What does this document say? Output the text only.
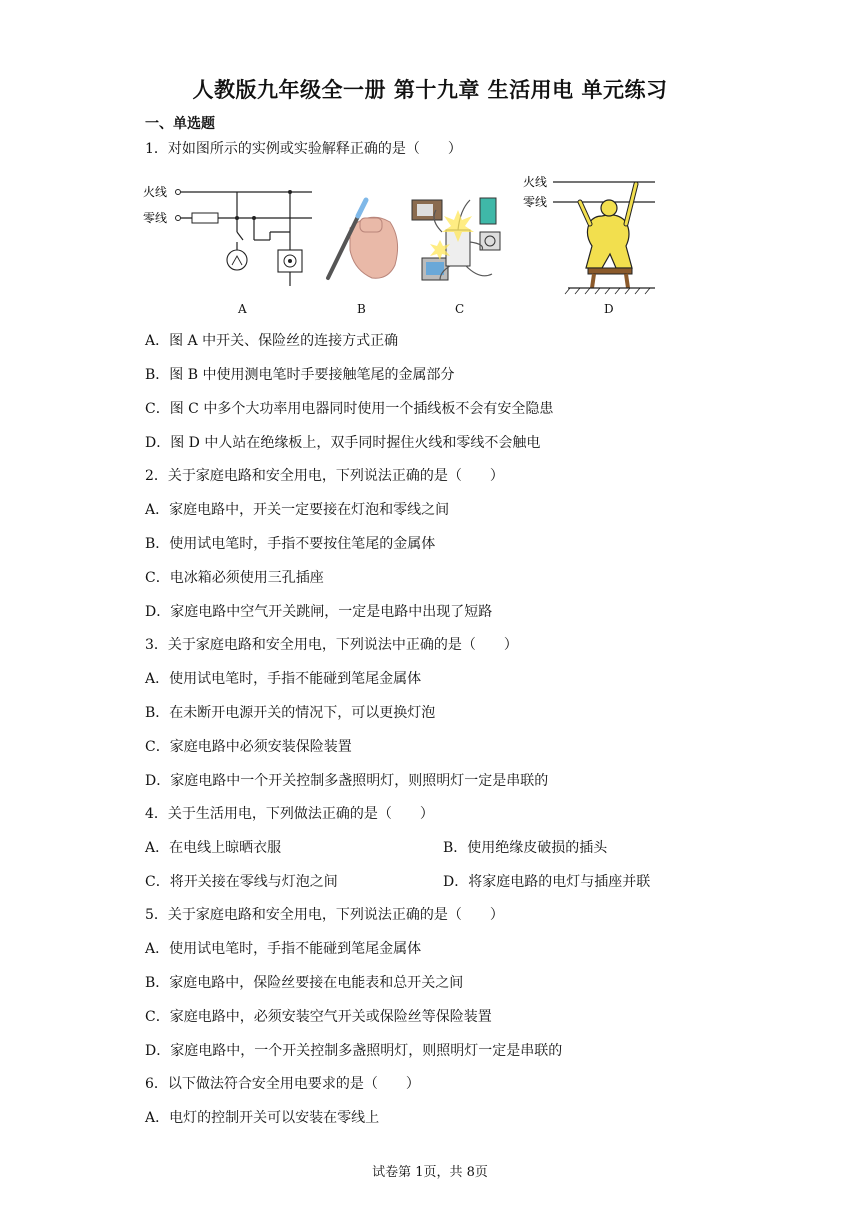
人教版九年级全一册 第十九章 生活用电 单元练习
一、单选题
1．对如图所示的实例或实验解释正确的是（　　）
火线
零线
火线
零线
A	B	C	D
A．图 A 中开关、保险丝的连接方式正确
B．图 B 中使用测电笔时手要接触笔尾的金属部分
C．图 C 中多个大功率用电器同时使用一个插线板不会有安全隐患
D．图 D 中人站在绝缘板上，双手同时握住火线和零线不会触电
2．关于家庭电路和安全用电，下列说法正确的是（　　）
A．家庭电路中，开关一定要接在灯泡和零线之间
B．使用试电笔时，手指不要按住笔尾的金属体
C．电冰箱必须使用三孔插座
D．家庭电路中空气开关跳闸，一定是电路中出现了短路
3．关于家庭电路和安全用电，下列说法中正确的是（　　）
A．使用试电笔时，手指不能碰到笔尾金属体
B．在未断开电源开关的情况下，可以更换灯泡
C．家庭电路中必须安装保险装置
D．家庭电路中一个开关控制多盏照明灯，则照明灯一定是串联的
4．关于生活用电，下列做法正确的是（　　）
A．在电线上晾晒衣服	B．使用绝缘皮破损的插头
C．将开关接在零线与灯泡之间	D．将家庭电路的电灯与插座并联
5．关于家庭电路和安全用电，下列说法正确的是（　　）
A．使用试电笔时，手指不能碰到笔尾金属体
B．家庭电路中，保险丝要接在电能表和总开关之间
C．家庭电路中，必须安装空气开关或保险丝等保险装置
D．家庭电路中，一个开关控制多盏照明灯，则照明灯一定是串联的
6．以下做法符合安全用电要求的是（　　）
A．电灯的控制开关可以安装在零线上
试卷第 1页，共 8页
